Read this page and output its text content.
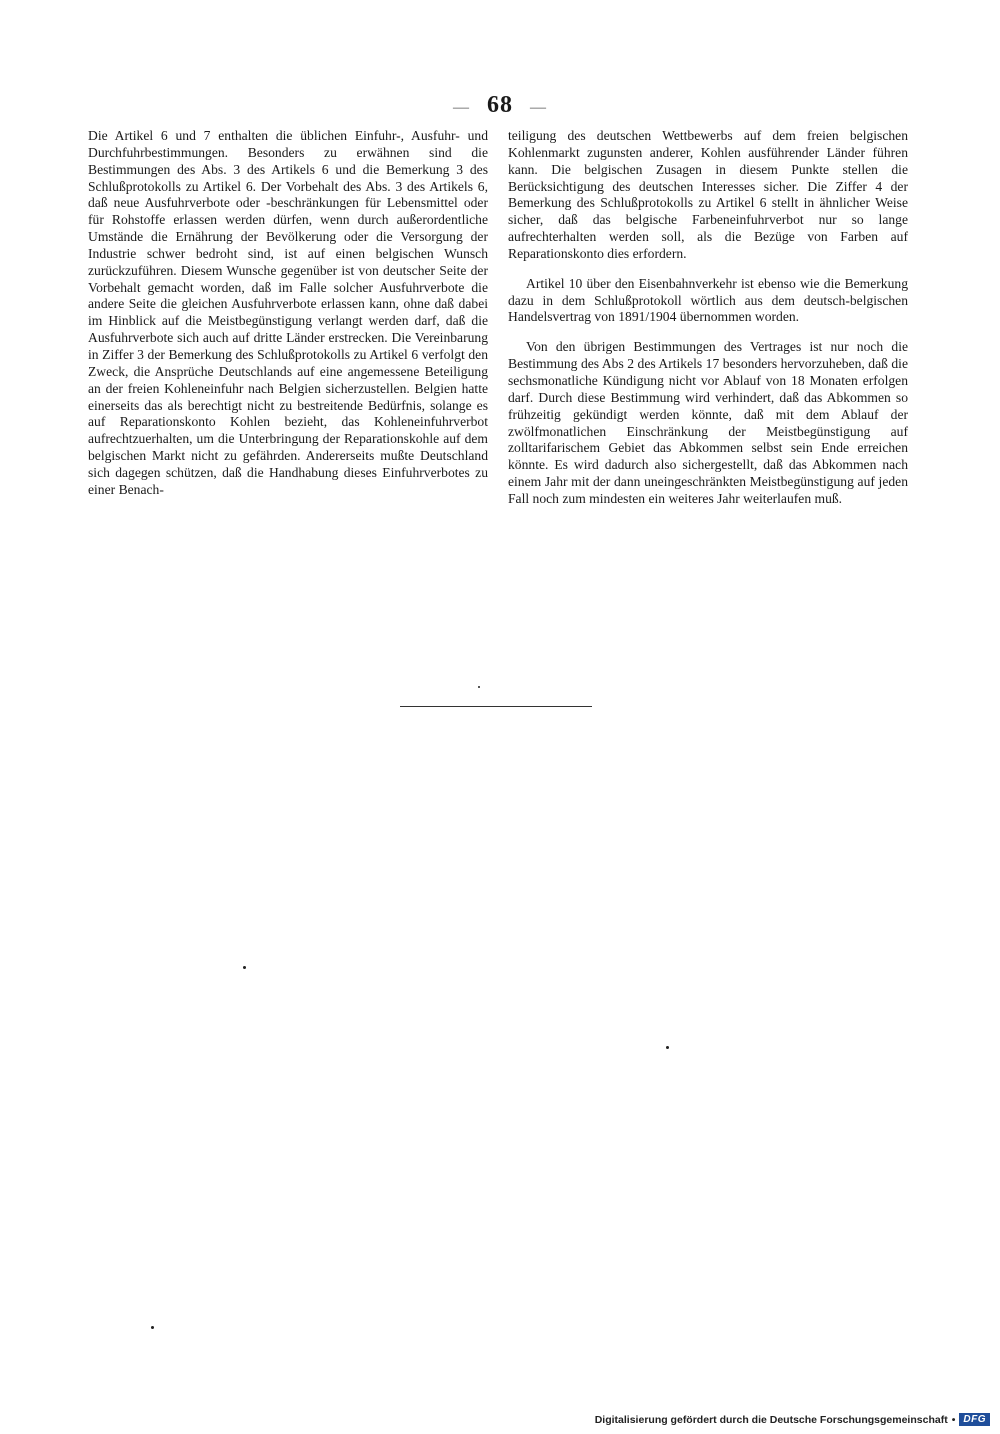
— 68 —

Die Artikel 6 und 7 enthalten die üblichen Einfuhr-, Ausfuhr- und Durchfuhrbestimmungen. Besonders zu erwähnen sind die Bestimmungen des Abs. 3 des Artikels 6 und die Bemerkung 3 des Schlußprotokolls zu Artikel 6. Der Vorbehalt des Abs. 3 des Artikels 6, daß neue Ausfuhrverbote oder -beschränkungen für Lebensmittel oder für Rohstoffe erlassen werden dürfen, wenn durch außerordentliche Umstände die Ernährung der Bevölkerung oder die Versorgung der Industrie schwer bedroht sind, ist auf einen belgischen Wunsch zurückzuführen. Diesem Wunsche gegenüber ist von deutscher Seite der Vorbehalt gemacht worden, daß im Falle solcher Ausfuhrverbote die andere Seite die gleichen Ausfuhrverbote erlassen kann, ohne daß dabei im Hinblick auf die Meistbegünstigung verlangt werden darf, daß die Ausfuhrverbote sich auch auf dritte Länder erstrecken. Die Vereinbarung in Ziffer 3 der Bemerkung des Schlußprotokolls zu Artikel 6 verfolgt den Zweck, die Ansprüche Deutschlands auf eine angemessene Beteiligung an der freien Kohleneinfuhr nach Belgien sicherzustellen. Belgien hatte einerseits das als berechtigt nicht zu bestreitende Bedürfnis, solange es auf Reparationskonto Kohlen bezieht, das Kohleneinfuhrverbot aufrechtzuerhalten, um die Unterbringung der Reparationskohle auf dem belgischen Markt nicht zu gefährden. Andererseits mußte Deutschland sich dagegen schützen, daß die Handhabung dieses Einfuhrverbotes zu einer Benach-

teiligung des deutschen Wettbewerbs auf dem freien belgischen Kohlenmarkt zugunsten anderer, Kohlen ausführender Länder führen kann. Die belgischen Zusagen in diesem Punkte stellen die Berücksichtigung des deutschen Interesses sicher. Die Ziffer 4 der Bemerkung des Schlußprotokolls zu Artikel 6 stellt in ähnlicher Weise sicher, daß das belgische Farbeneinfuhrverbot nur so lange aufrechterhalten werden soll, als die Bezüge von Farben auf Reparationskonto dies erfordern.

Artikel 10 über den Eisenbahnverkehr ist ebenso wie die Bemerkung dazu in dem Schlußprotokoll wörtlich aus dem deutsch-belgischen Handelsvertrag von 1891/1904 übernommen worden.

Von den übrigen Bestimmungen des Vertrages ist nur noch die Bestimmung des Abs 2 des Artikels 17 besonders hervorzuheben, daß die sechsmonatliche Kündigung nicht vor Ablauf von 18 Monaten erfolgen darf. Durch diese Bestimmung wird verhindert, daß das Abkommen so frühzeitig gekündigt werden könnte, daß mit dem Ablauf der zwölfmonatlichen Einschränkung der Meistbegünstigung auf zolltarifarischem Gebiet das Abkommen selbst sein Ende erreichen könnte. Es wird dadurch also sichergestellt, daß das Abkommen nach einem Jahr mit der dann uneingeschränkten Meistbegünstigung auf jeden Fall noch zum mindesten ein weiteres Jahr weiterlaufen muß.

Digitalisierung gefördert durch die Deutsche Forschungsgemeinschaft • DFG
